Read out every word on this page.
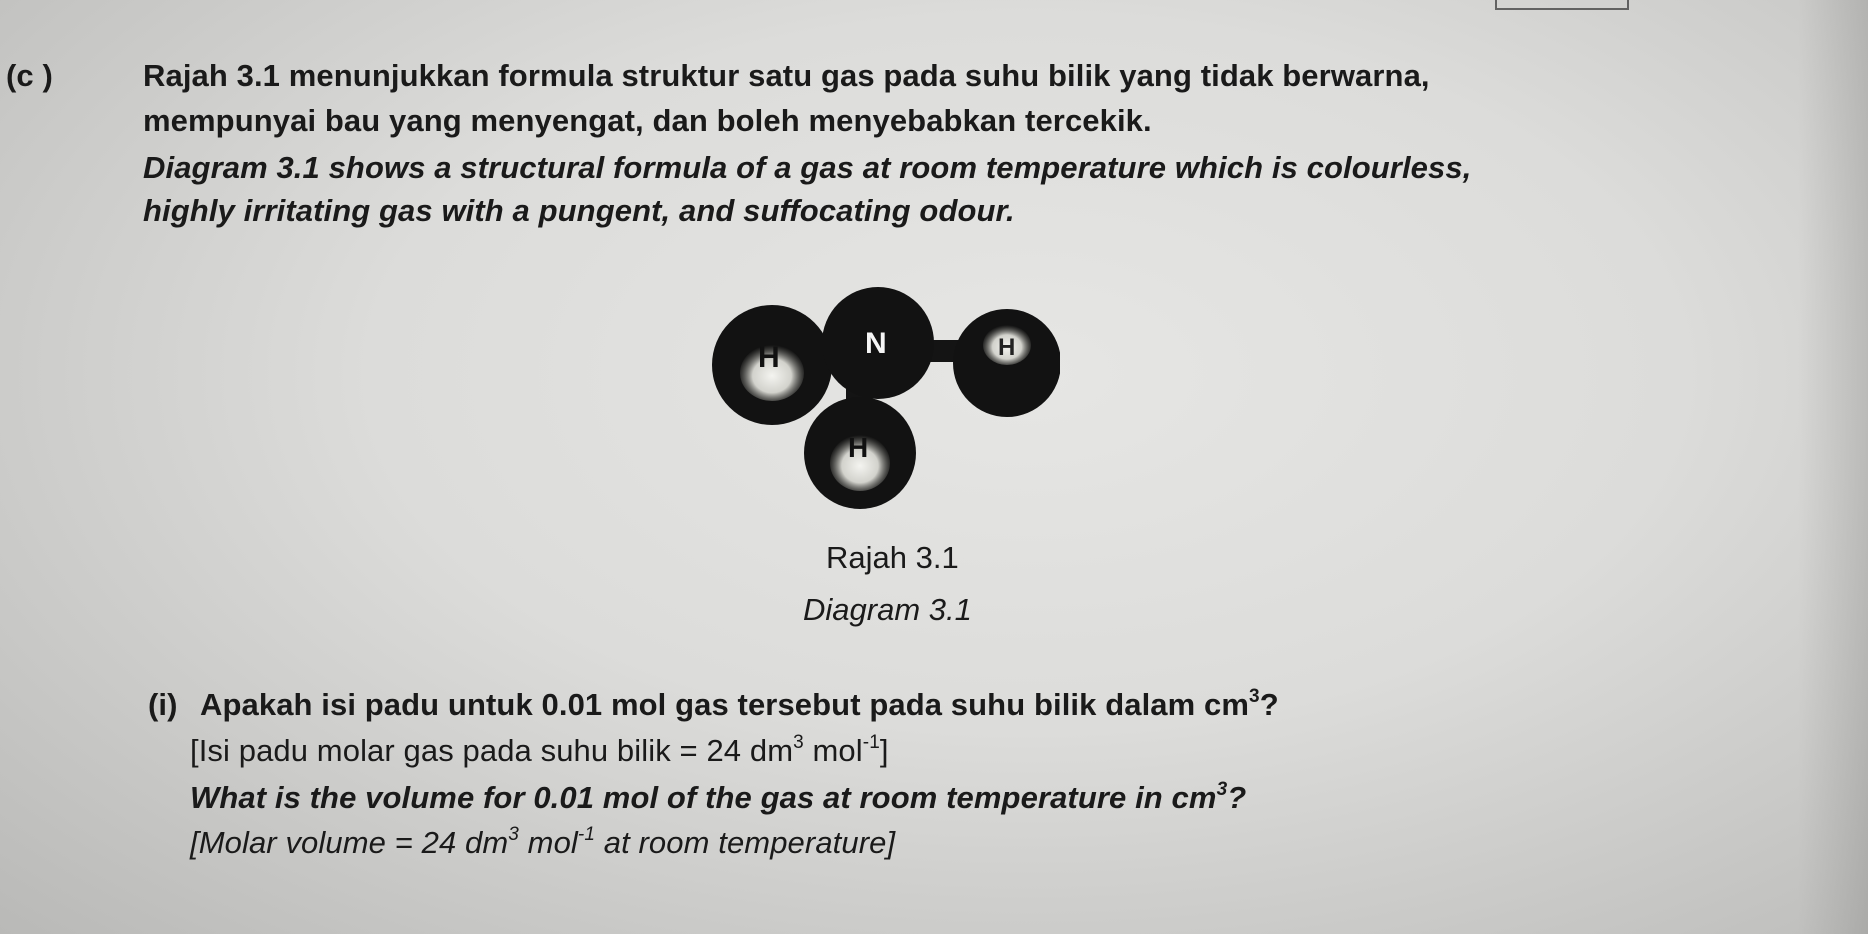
(c )	Rajah 3.1 menunjukkan formula struktur satu gas pada suhu bilik yang tidak berwarna,
mempunyai bau yang menyengat, dan boleh menyebabkan tercekik.
Diagram 3.1 shows a structural formula of a gas at room temperature which is colourless,
highly irritating gas with a pungent, and suffocating odour.
H	N	H
H
Rajah 3.1
Diagram 3.1
(i) Apakah isi padu untuk 0.01 mol gas tersebut pada suhu bilik dalam $cm^3$?
[Isi padu molar gas pada suhu bilik = 24 $dm^3$ mol$^{-1}$]
What is the volume for 0.01 mol of the gas at room temperature in $cm^3$?
[Molar volume = 24 $dm^3$ mol$^{-1}$ at room temperature]
